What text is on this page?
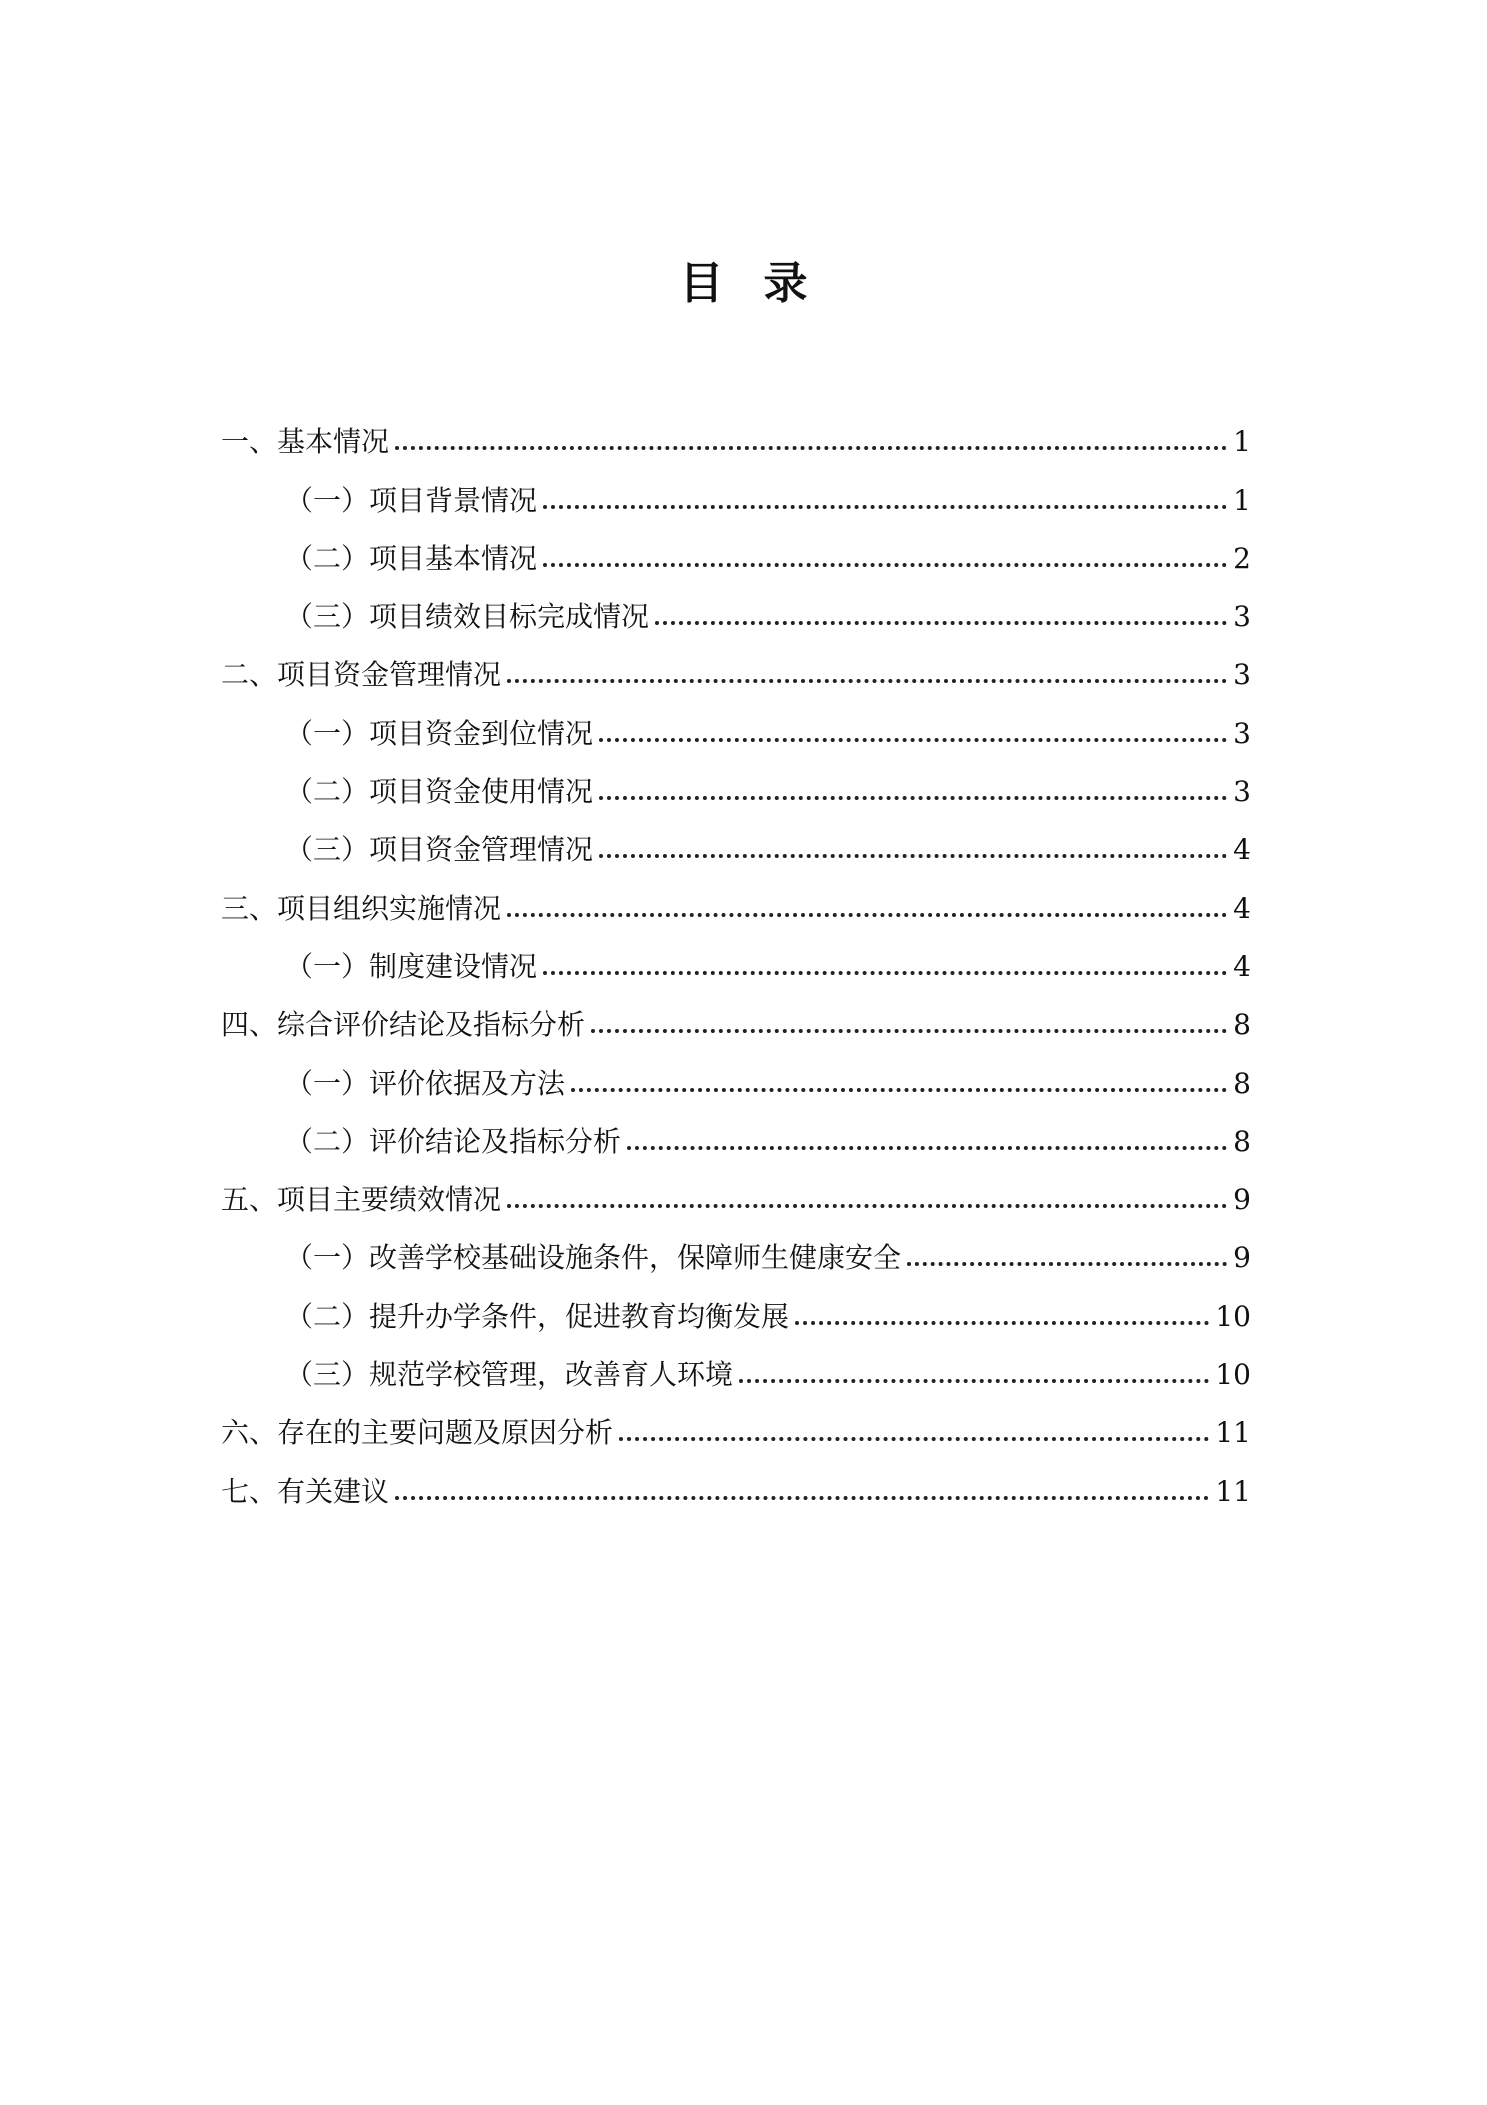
目 录
一、基本情况	1
（一）项目背景情况	1
（二）项目基本情况	2
（三）项目绩效目标完成情况	3
二、项目资金管理情况	3
（一）项目资金到位情况	3
（二）项目资金使用情况	3
（三）项目资金管理情况	4
三、项目组织实施情况	4
（一）制度建设情况	4
四、综合评价结论及指标分析	8
（一）评价依据及方法	8
（二）评价结论及指标分析	8
五、项目主要绩效情况	9
（一）改善学校基础设施条件，保障师生健康安全	9
（二）提升办学条件，促进教育均衡发展	10
（三）规范学校管理，改善育人环境	10
六、存在的主要问题及原因分析	11
七、有关建议	11
